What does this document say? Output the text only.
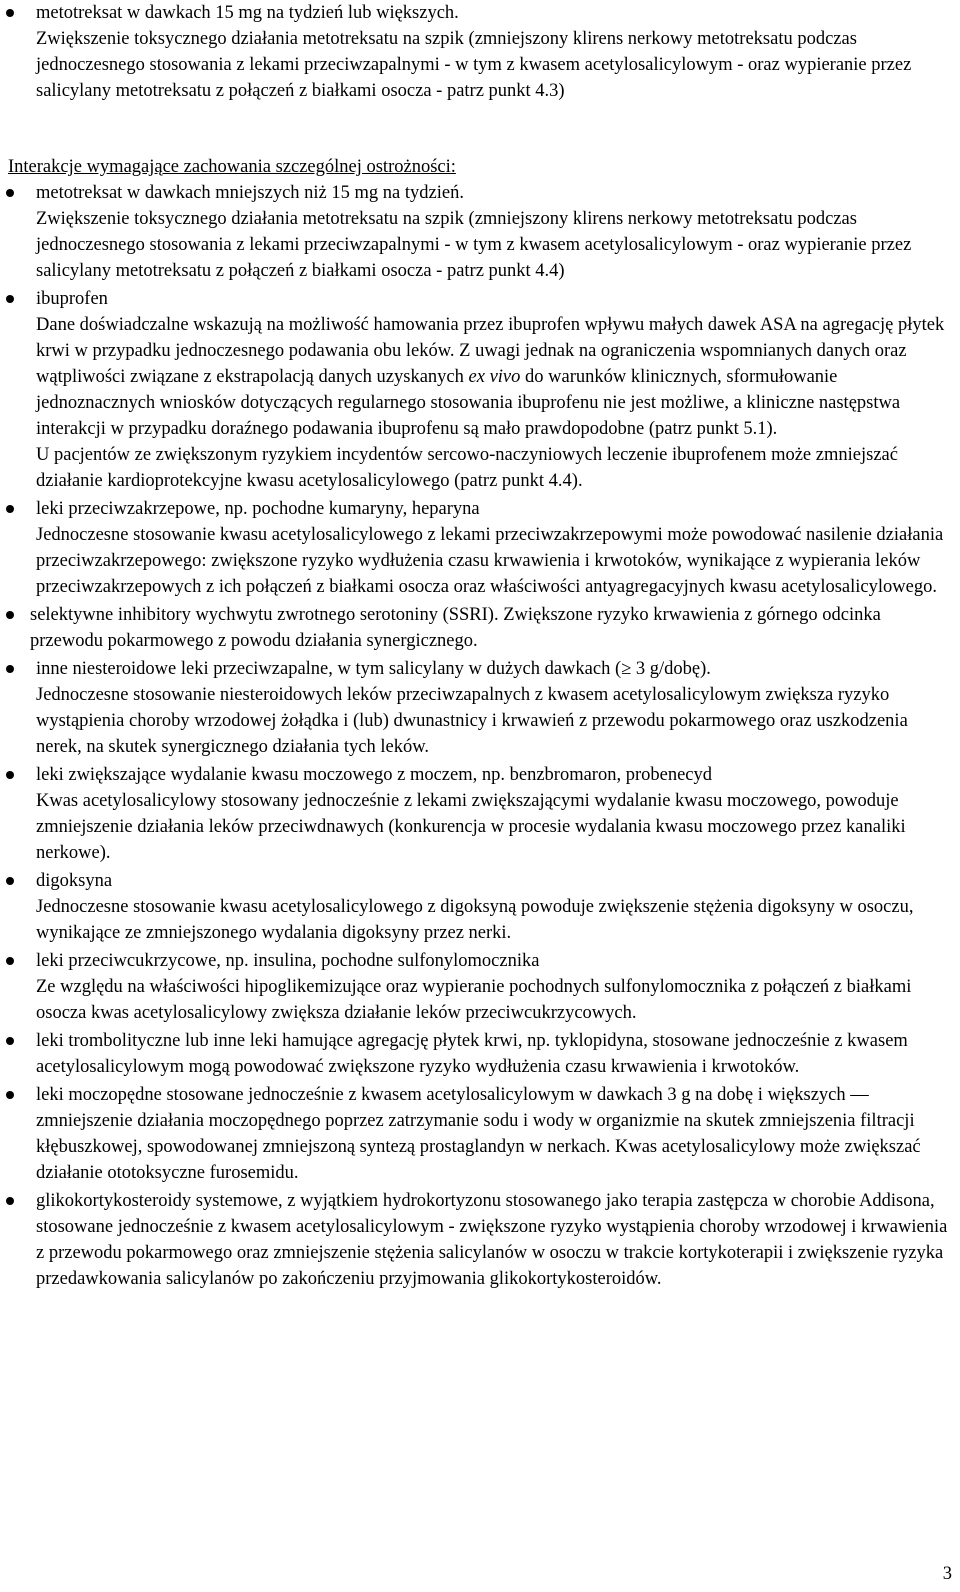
metotreksat w dawkach 15 mg na tydzień lub większych.

Zwiększenie toksycznego działania metotreksatu na szpik (zmniejszony klirens nerkowy metotreksatu podczas jednoczesnego stosowania z lekami przeciwzapalnymi - w tym z kwasem acetylosalicylowym - oraz wypieranie przez salicylany metotreksatu z połączeń z białkami osocza - patrz punkt 4.3)

Interakcje wymagające zachowania szczególnej ostrożności:

metotreksat w dawkach mniejszych niż 15 mg na tydzień.

Zwiększenie toksycznego działania metotreksatu na szpik (zmniejszony klirens nerkowy metotreksatu podczas jednoczesnego stosowania z lekami przeciwzapalnymi - w tym z kwasem acetylosalicylowym - oraz wypieranie przez salicylany metotreksatu z połączeń z białkami osocza - patrz punkt 4.4)

ibuprofen

Dane doświadczalne wskazują na możliwość hamowania przez ibuprofen wpływu małych dawek ASA na agregację płytek krwi w przypadku jednoczesnego podawania obu leków. Z uwagi jednak na ograniczenia wspomnianych danych oraz wątpliwości związane z ekstrapolacją danych uzyskanych ex vivo do warunków klinicznych, sformułowanie jednoznacznych wniosków dotyczących regularnego stosowania ibuprofenu nie jest możliwe, a kliniczne następstwa interakcji w przypadku doraźnego podawania ibuprofenu są mało prawdopodobne (patrz punkt 5.1).

U pacjentów ze zwiększonym ryzykiem incydentów sercowo-naczyniowych leczenie ibuprofenem może zmniejszać działanie kardioprotekcyjne kwasu acetylosalicylowego (patrz punkt 4.4).

leki przeciwzakrzepowe, np. pochodne kumaryny, heparyna

Jednoczesne stosowanie kwasu acetylosalicylowego z lekami przeciwzakrzepowymi może powodować nasilenie działania przeciwzakrzepowego: zwiększone ryzyko wydłużenia czasu krwawienia i krwotoków, wynikające z wypierania leków przeciwzakrzepowych z ich połączeń z białkami osocza oraz właściwości antyagregacyjnych kwasu acetylosalicylowego.

selektywne inhibitory wychwytu zwrotnego serotoniny (SSRI). Zwiększone ryzyko krwawienia z górnego odcinka przewodu pokarmowego z powodu działania synergicznego.

inne niesteroidowe leki przeciwzapalne, w tym salicylany w dużych dawkach (≥ 3 g/dobę).

Jednoczesne stosowanie niesteroidowych leków przeciwzapalnych z kwasem acetylosalicylowym zwiększa ryzyko wystąpienia choroby wrzodowej żołądka i (lub) dwunastnicy i krwawień z przewodu pokarmowego oraz uszkodzenia nerek, na skutek synergicznego działania tych leków.

leki zwiększające wydalanie kwasu moczowego z moczem, np. benzbromaron, probenecyd

Kwas acetylosalicylowy stosowany jednocześnie z lekami zwiększającymi wydalanie kwasu moczowego, powoduje zmniejszenie działania leków przeciwdnawych (konkurencja w procesie wydalania kwasu moczowego przez kanaliki nerkowe).

digoksyna

Jednoczesne stosowanie kwasu acetylosalicylowego z digoksyną powoduje zwiększenie stężenia digoksyny w osoczu, wynikające ze zmniejszonego wydalania digoksyny przez nerki.

leki przeciwcukrzycowe, np. insulina, pochodne sulfonylomocznika

Ze względu na właściwości hipoglikemizujące oraz wypieranie pochodnych sulfonylomocznika z połączeń z białkami osocza kwas acetylosalicylowy zwiększa działanie leków przeciwcukrzycowych.

leki trombolityczne lub inne leki hamujące agregację płytek krwi, np. tyklopidyna, stosowane jednocześnie z kwasem acetylosalicylowym mogą powodować zwiększone ryzyko wydłużenia czasu krwawienia i krwotoków.

leki moczopędne stosowane jednocześnie z kwasem acetylosalicylowym w dawkach 3 g na dobę i większych — zmniejszenie działania moczopędnego poprzez zatrzymanie sodu i wody w organizmie na skutek zmniejszenia filtracji kłębuszkowej, spowodowanej zmniejszoną syntezą prostaglandyn w nerkach. Kwas acetylosalicylowy może zwiększać działanie ototoksyczne furosemidu.

glikokortykosteroidy systemowe, z wyjątkiem hydrokortyzonu stosowanego jako terapia zastępcza w chorobie Addisona, stosowane jednocześnie z kwasem acetylosalicylowym - zwiększone ryzyko wystąpienia choroby wrzodowej i krwawienia z przewodu pokarmowego oraz zmniejszenie stężenia salicylanów w osoczu w trakcie kortykoterapii i zwiększenie ryzyka przedawkowania salicylanów po zakończeniu przyjmowania glikokortykosteroidów.

3
